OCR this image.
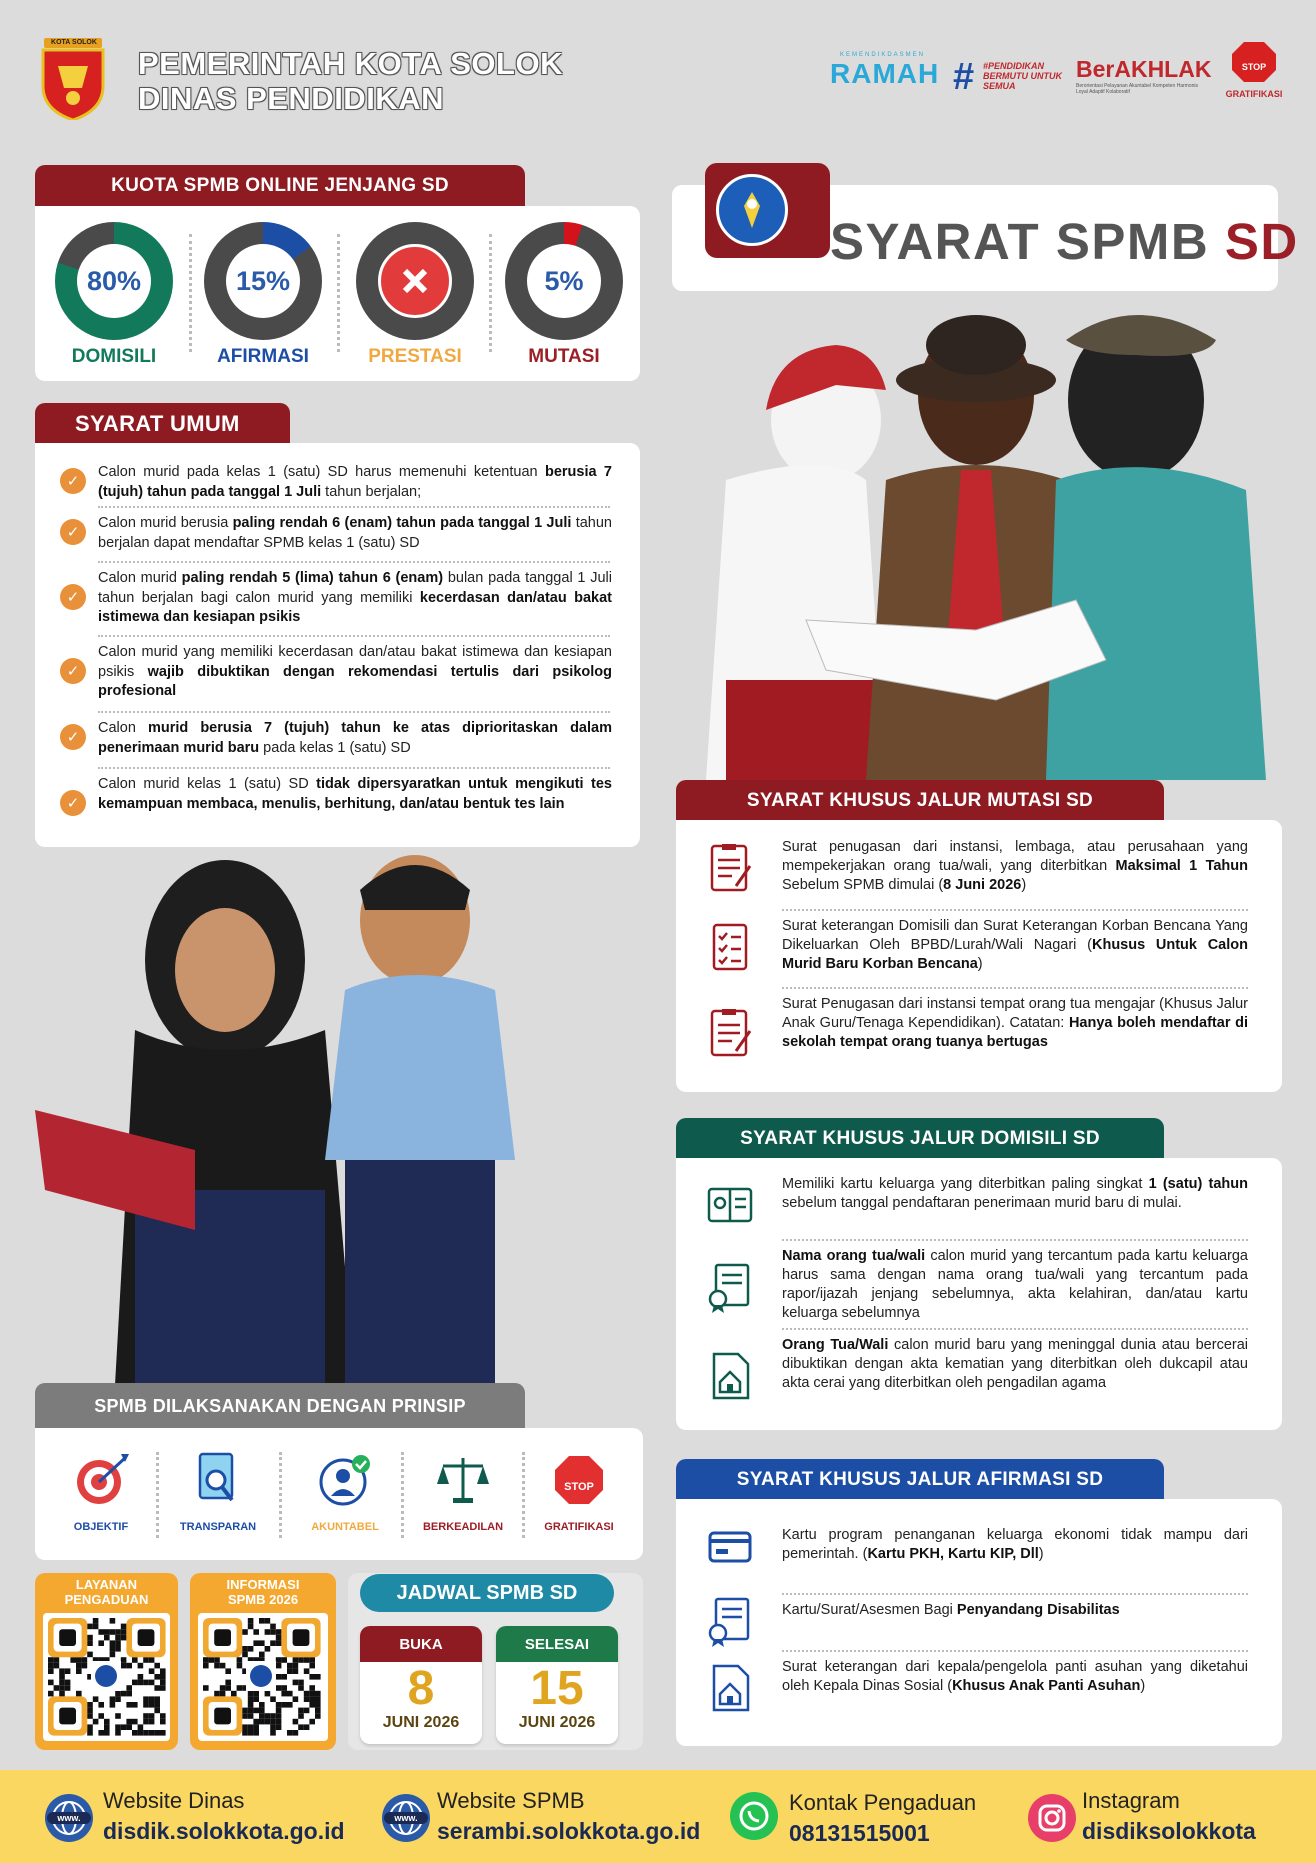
KOTA SOLOK
PEMERINTAH KOTA SOLOK
DINAS PENDIDIKAN
KEMENDIKDASMEN
RAMAH # #PENDIDIKAN BERMUTU UNTUK SEMUA
BerAKHLAK
Berorientasi Pelayanan Akuntabel Kompeten Harmonis Loyal Adaptif Kolaboratif
STOP
GRATIFIKASI
KUOTA SPMB ONLINE JENJANG SD
SYARAT UMUM
SYARAT SPMB SD
SYARAT KHUSUS JALUR MUTASI SD
SYARAT KHUSUS JALUR DOMISILI SD
SYARAT KHUSUS JALUR AFIRMASI SD
SPMB DILAKSANAKAN DENGAN PRINSIP
LAYANAN PENGADUAN
INFORMASI SPMB 2026	JADWAL SPMB SD
BUKA
8
JUNI 2026
SELESAI
15
JUNI 2026
www.
Website Dinas
disdik.solokkota.go.id	www.
Website SPMB
serambi.solokkota.go.id
Kontak Pengaduan
08131515001
Instagram
disdiksolokkota
80%
DOMISILI
15%
AFIRMASI	PRESTASI
5%
MUTASI
✓
Calon murid pada kelas 1 (satu) SD harus memenuhi ketentuan berusia 7 (tujuh) tahun pada tanggal 1 Juli tahun berjalan;
✓
Calon murid berusia paling rendah 6 (enam) tahun pada tanggal 1 Juli tahun berjalan dapat mendaftar SPMB kelas 1 (satu) SD
✓
Calon murid paling rendah 5 (lima) tahun 6 (enam) bulan pada tanggal 1 Juli tahun berjalan bagi calon murid yang memiliki kecerdasan dan/atau bakat istimewa dan kesiapan psikis
✓
Calon murid yang memiliki kecerdasan dan/atau bakat istimewa dan kesiapan psikis wajib dibuktikan dengan rekomendasi tertulis dari psikolog profesional
✓
Calon murid berusia 7 (tujuh) tahun ke atas diprioritaskan dalam penerimaan murid baru pada kelas 1 (satu) SD
✓
Calon murid kelas 1 (satu) SD tidak dipersyaratkan untuk mengikuti tes kemampuan membaca, menulis, berhitung, dan/atau bentuk tes lain
Surat penugasan dari instansi, lembaga, atau perusahaan yang mempekerjakan orang tua/wali, yang diterbitkan Maksimal 1 Tahun Sebelum SPMB dimulai (8 Juni 2026)
Surat keterangan Domisili dan Surat Keterangan Korban Bencana Yang Dikeluarkan Oleh BPBD/Lurah/Wali Nagari (Khusus Untuk Calon Murid Baru Korban Bencana)
Surat Penugasan dari instansi tempat orang tua mengajar (Khusus Jalur Anak Guru/Tenaga Kependidikan). Catatan: Hanya boleh mendaftar di sekolah tempat orang tuanya bertugas
Memiliki kartu keluarga yang diterbitkan paling singkat 1 (satu) tahun sebelum tanggal pendaftaran penerimaan murid baru di mulai.
Nama orang tua/wali calon murid yang tercantum pada kartu keluarga harus sama dengan nama orang tua/wali yang tercantum pada rapor/ijazah jenjang sebelumnya, akta kelahiran, dan/atau kartu keluarga sebelumnya
Orang Tua/Wali calon murid baru yang meninggal dunia atau bercerai dibuktikan dengan akta kematian yang diterbitkan oleh dukcapil atau akta cerai yang diterbitkan oleh pengadilan agama
Kartu program penanganan keluarga ekonomi tidak mampu dari pemerintah. (Kartu PKH, Kartu KIP, Dll)
Kartu/Surat/Asesmen Bagi Penyandang Disabilitas
Surat keterangan dari kepala/pengelola panti asuhan yang diketahui oleh Kepala Dinas Sosial (Khusus Anak Panti Asuhan)
OBJEKTIF	TRANSPARAN	AKUNTABEL	BERKEADILAN
STOP
GRATIFIKASI
